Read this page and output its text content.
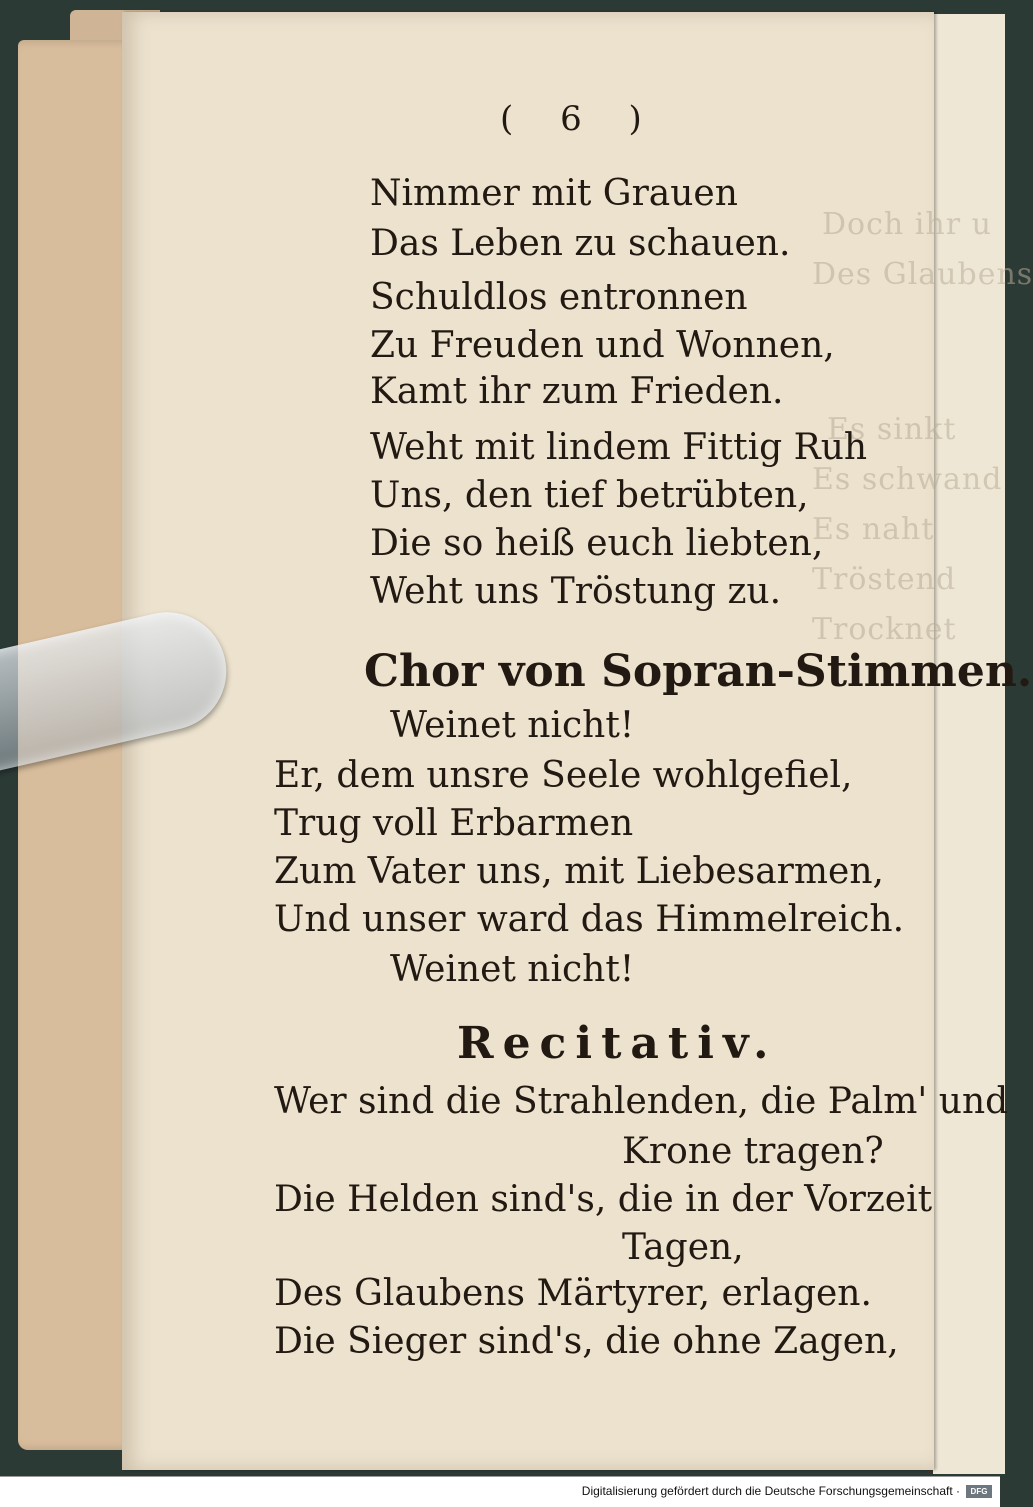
Doch ihr u
Des Glaubens
Es sinkt
Es schwand
Es naht
Tröstend
Trocknet
( 6 )
Nimmer mit Grauen
Das Leben zu schauen.
Schuldlos entronnen
Zu Freuden und Wonnen,
Kamt ihr zum Frieden.
Weht mit lindem Fittig Ruh
Uns, den tief betrübten,
Die so heiß euch liebten,
Weht uns Tröstung zu.
Chor von Sopran-Stimmen.
Weinet nicht!
Er, dem unsre Seele wohlgefiel,
Trug voll Erbarmen
Zum Vater uns, mit Liebesarmen,
Und unser ward das Himmelreich.
Weinet nicht!
Recitativ.
Wer sind die Strahlenden, die Palm' und
Krone tragen?
Die Helden sind's, die in der Vorzeit
Tagen,
Des Glaubens Märtyrer, erlagen.
Die Sieger sind's, die ohne Zagen,
Digitalisierung gefördert durch die Deutsche Forschungsgemeinschaft ·	DFG
